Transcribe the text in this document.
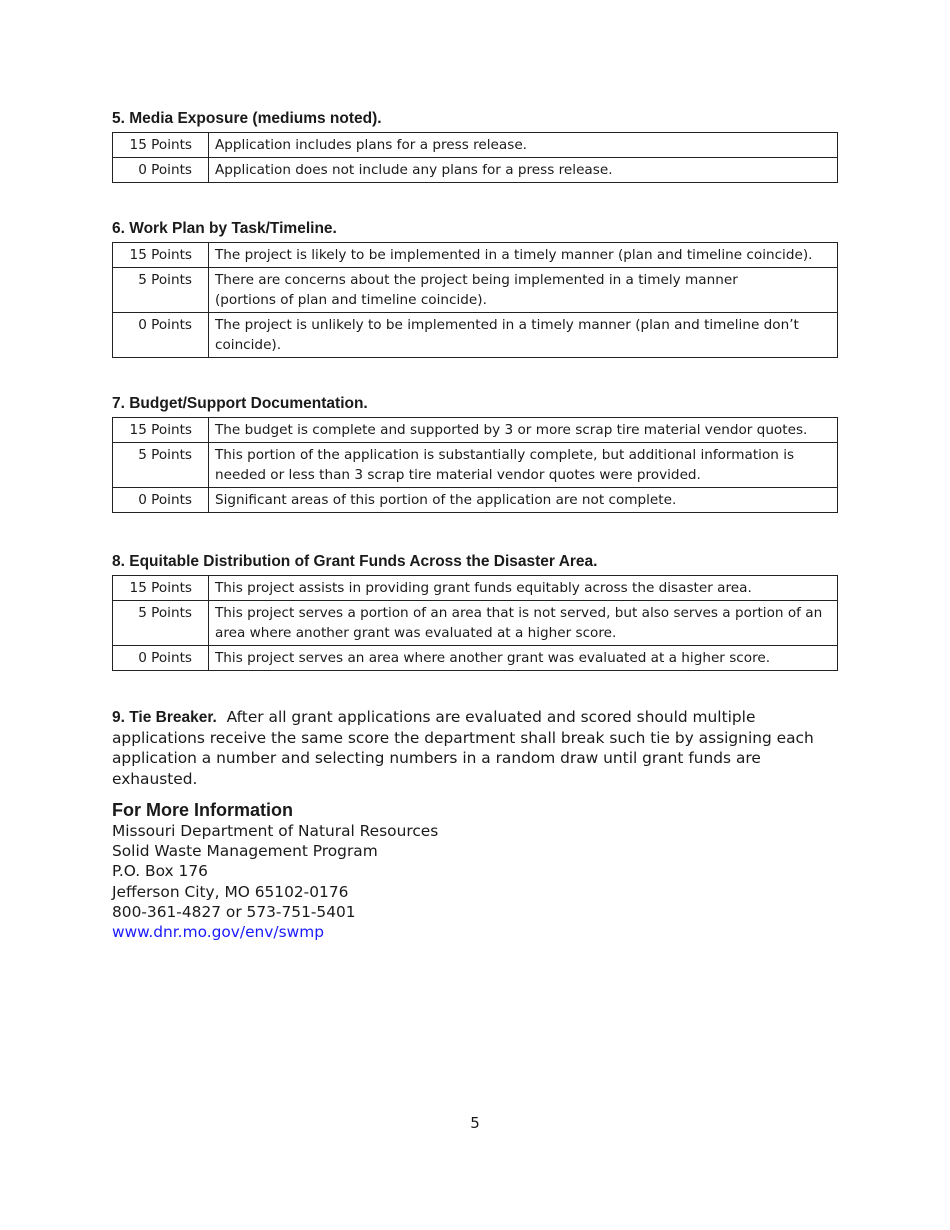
5. Media Exposure (mediums noted).
15 Points	Application includes plans for a press release.
0 Points	Application does not include any plans for a press release.
6. Work Plan by Task/Timeline.
15 Points	The project is likely to be implemented in a timely manner (plan and timeline coincide).
5 Points	There are concerns about the project being implemented in a timely manner
(portions of plan and timeline coincide).
0 Points	The project is unlikely to be implemented in a timely manner (plan and timeline don’t
coincide).
7. Budget/Support Documentation.
15 Points	The budget is complete and supported by 3 or more scrap tire material vendor quotes.
5 Points	This portion of the application is substantially complete, but additional information is
needed or less than 3 scrap tire material vendor quotes were provided.
0 Points	Significant areas of this portion of the application are not complete.
8. Equitable Distribution of Grant Funds Across the Disaster Area.
15 Points	This project assists in providing grant funds equitably across the disaster area.
5 Points	This project serves a portion of an area that is not served, but also serves a portion of an
area where another grant was evaluated at a higher score.
0 Points	This project serves an area where another grant was evaluated at a higher score.
9. Tie Breaker. After all grant applications are evaluated and scored should multiple
applications receive the same score the department shall break such tie by assigning each
application a number and selecting numbers in a random draw until grant funds are exhausted.
For More Information
Missouri Department of Natural Resources
Solid Waste Management Program
P.O. Box 176
Jefferson City, MO 65102-0176
800-361-4827 or 573-751-5401
www.dnr.mo.gov/env/swmp
5
